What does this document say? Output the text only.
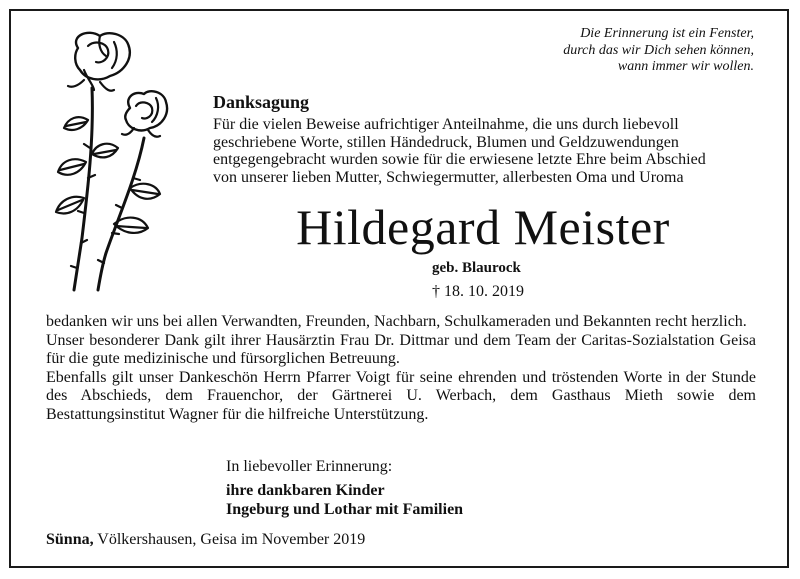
Die Erinnerung ist ein Fenster,
durch das wir Dich sehen können,
wann immer wir wollen.
Danksagung
Für die vielen Beweise aufrichtiger Anteilnahme, die uns durch liebevoll
geschriebene Worte, stillen Händedruck, Blumen und Geldzuwendungen
entgegengebracht wurden sowie für die erwiesene letzte Ehre beim Abschied
von unserer lieben Mutter, Schwiegermutter, allerbesten Oma und Uroma
Hildegard Meister
geb. Blaurock
† 18. 10. 2019

bedanken wir uns bei allen Verwandten, Freunden, Nachbarn, Schulkameraden und Bekannten recht herzlich.

Unser besonderer Dank gilt ihrer Hausärztin Frau Dr. Dittmar und dem Team der Caritas-Sozialstation Geisa für die gute medizinische und fürsorglichen Betreuung.

Ebenfalls gilt unser Dankeschön Herrn Pfarrer Voigt für seine ehrenden und tröstenden Worte in der Stunde des Abschieds, dem Frauenchor, der Gärtnerei U. Werbach, dem Gasthaus Mieth sowie dem Bestattungsinstitut Wagner für die hilfreiche Unterstützung.

In liebevoller Erinnerung:
ihre dankbaren Kinder
Ingeburg und Lothar mit Familien
Sünna, Völkershausen, Geisa im November 2019
